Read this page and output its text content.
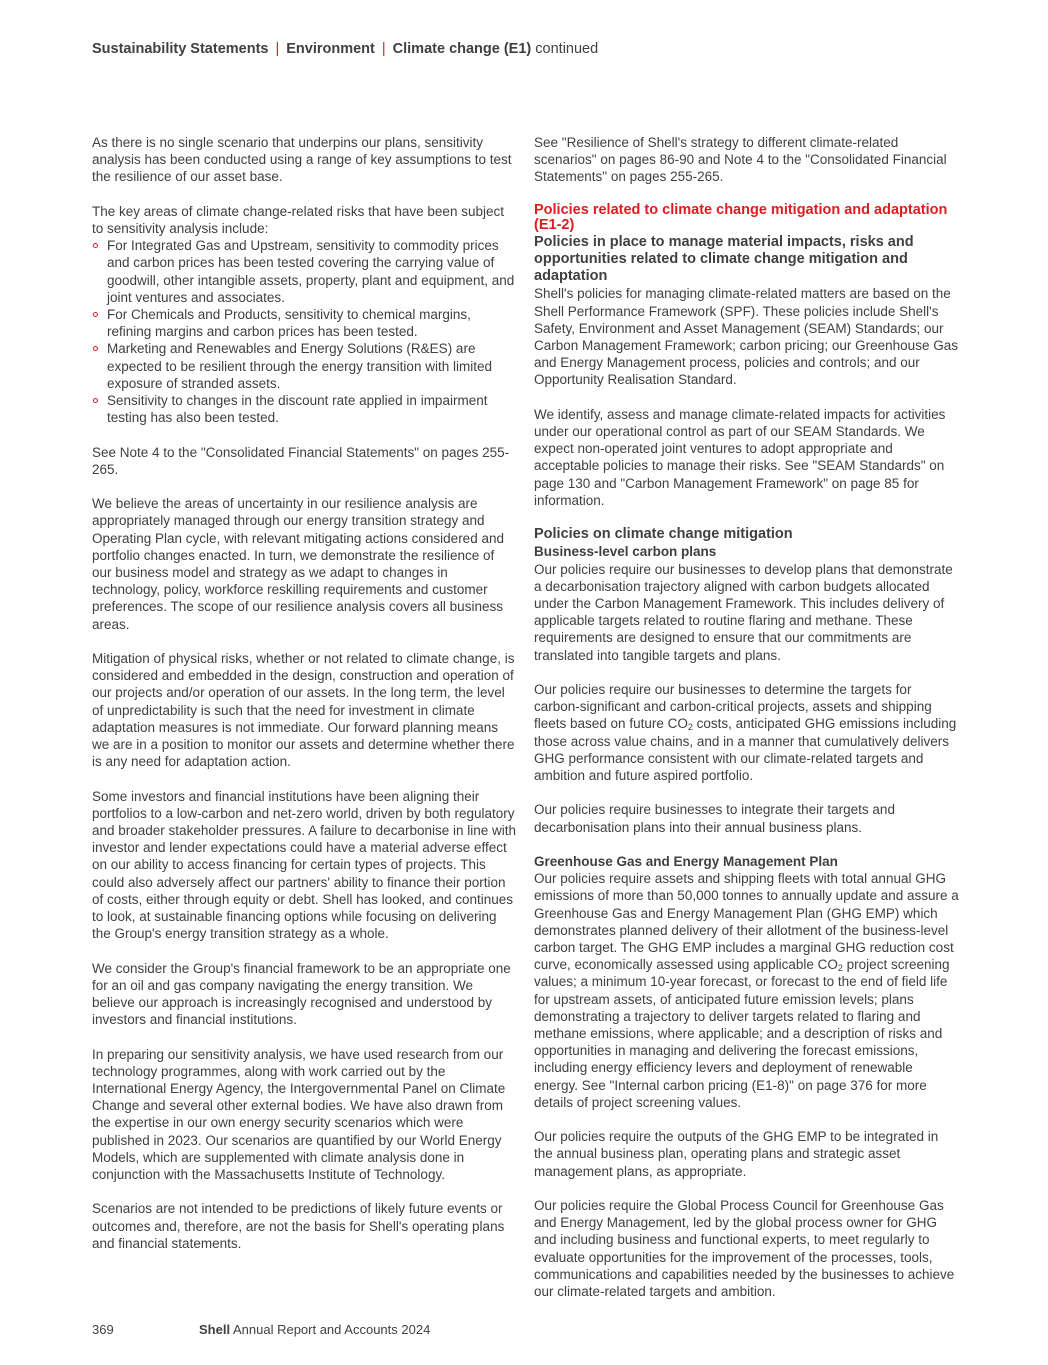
Sustainability Statements | Environment | Climate change (E1) continued

As there is no single scenario that underpins our plans, sensitivity analysis has been conducted using a range of key assumptions to test the resilience of our asset base.

The key areas of climate change-related risks that have been subject to sensitivity analysis include:

For Integrated Gas and Upstream, sensitivity to commodity prices and carbon prices has been tested covering the carrying value of goodwill, other intangible assets, property, plant and equipment, and joint ventures and associates.
For Chemicals and Products, sensitivity to chemical margins, refining margins and carbon prices has been tested.
Marketing and Renewables and Energy Solutions (R&ES) are expected to be resilient through the energy transition with limited exposure of stranded assets.
Sensitivity to changes in the discount rate applied in impairment testing has also been tested.

See Note 4 to the "Consolidated Financial Statements" on pages 255-265.

We believe the areas of uncertainty in our resilience analysis are appropriately managed through our energy transition strategy and Operating Plan cycle, with relevant mitigating actions considered and portfolio changes enacted. In turn, we demonstrate the resilience of our business model and strategy as we adapt to changes in technology, policy, workforce reskilling requirements and customer preferences. The scope of our resilience analysis covers all business areas.

Mitigation of physical risks, whether or not related to climate change, is considered and embedded in the design, construction and operation of our projects and/or operation of our assets. In the long term, the level of unpredictability is such that the need for investment in climate adaptation measures is not immediate. Our forward planning means we are in a position to monitor our assets and determine whether there is any need for adaptation action.

Some investors and financial institutions have been aligning their portfolios to a low-carbon and net-zero world, driven by both regulatory and broader stakeholder pressures. A failure to decarbonise in line with investor and lender expectations could have a material adverse effect on our ability to access financing for certain types of projects. This could also adversely affect our partners' ability to finance their portion of costs, either through equity or debt. Shell has looked, and continues to look, at sustainable financing options while focusing on delivering the Group's energy transition strategy as a whole.

We consider the Group's financial framework to be an appropriate one for an oil and gas company navigating the energy transition. We believe our approach is increasingly recognised and understood by investors and financial institutions.

In preparing our sensitivity analysis, we have used research from our technology programmes, along with work carried out by the International Energy Agency, the Intergovernmental Panel on Climate Change and several other external bodies. We have also drawn from the expertise in our own energy security scenarios which were published in 2023. Our scenarios are quantified by our World Energy Models, which are supplemented with climate analysis done in conjunction with the Massachusetts Institute of Technology.

Scenarios are not intended to be predictions of likely future events or outcomes and, therefore, are not the basis for Shell's operating plans and financial statements.

See "Resilience of Shell's strategy to different climate-related scenarios" on pages 86-90 and Note 4 to the "Consolidated Financial Statements" on pages 255-265.

Policies related to climate change mitigation and adaptation (E1-2)
Policies in place to manage material impacts, risks and opportunities related to climate change mitigation and adaptation

Shell's policies for managing climate-related matters are based on the Shell Performance Framework (SPF). These policies include Shell's Safety, Environment and Asset Management (SEAM) Standards; our Carbon Management Framework; carbon pricing; our Greenhouse Gas and Energy Management process, policies and controls; and our Opportunity Realisation Standard.

We identify, assess and manage climate-related impacts for activities under our operational control as part of our SEAM Standards. We expect non-operated joint ventures to adopt appropriate and acceptable policies to manage their risks. See "SEAM Standards" on page 130 and "Carbon Management Framework" on page 85 for information.

Policies on climate change mitigation
Business-level carbon plans

Our policies require our businesses to develop plans that demonstrate a decarbonisation trajectory aligned with carbon budgets allocated under the Carbon Management Framework. This includes delivery of applicable targets related to routine flaring and methane. These requirements are designed to ensure that our commitments are translated into tangible targets and plans.

Our policies require our businesses to determine the targets for carbon-significant and carbon-critical projects, assets and shipping fleets based on future $CO_2$ costs, anticipated GHG emissions including those across value chains, and in a manner that cumulatively delivers GHG performance consistent with our climate-related targets and ambition and future aspired portfolio.

Our policies require businesses to integrate their targets and decarbonisation plans into their annual business plans.

Greenhouse Gas and Energy Management Plan

Our policies require assets and shipping fleets with total annual GHG emissions of more than 50,000 tonnes to annually update and assure a Greenhouse Gas and Energy Management Plan (GHG EMP) which demonstrates planned delivery of their allotment of the business-level carbon target. The GHG EMP includes a marginal GHG reduction cost curve, economically assessed using applicable $CO_2$ project screening values; a minimum 10-year forecast, or forecast to the end of field life for upstream assets, of anticipated future emission levels; plans demonstrating a trajectory to deliver targets related to flaring and methane emissions, where applicable; and a description of risks and opportunities in managing and delivering the forecast emissions, including energy efficiency levers and deployment of renewable energy. See "Internal carbon pricing (E1-8)" on page 376 for more details of project screening values.

Our policies require the outputs of the GHG EMP to be integrated in the annual business plan, operating plans and strategic asset management plans, as appropriate.

Our policies require the Global Process Council for Greenhouse Gas and Energy Management, led by the global process owner for GHG and including business and functional experts, to meet regularly to evaluate opportunities for the improvement of the processes, tools, communications and capabilities needed by the businesses to achieve our climate-related targets and ambition.

369	Shell Annual Report and Accounts 2024
